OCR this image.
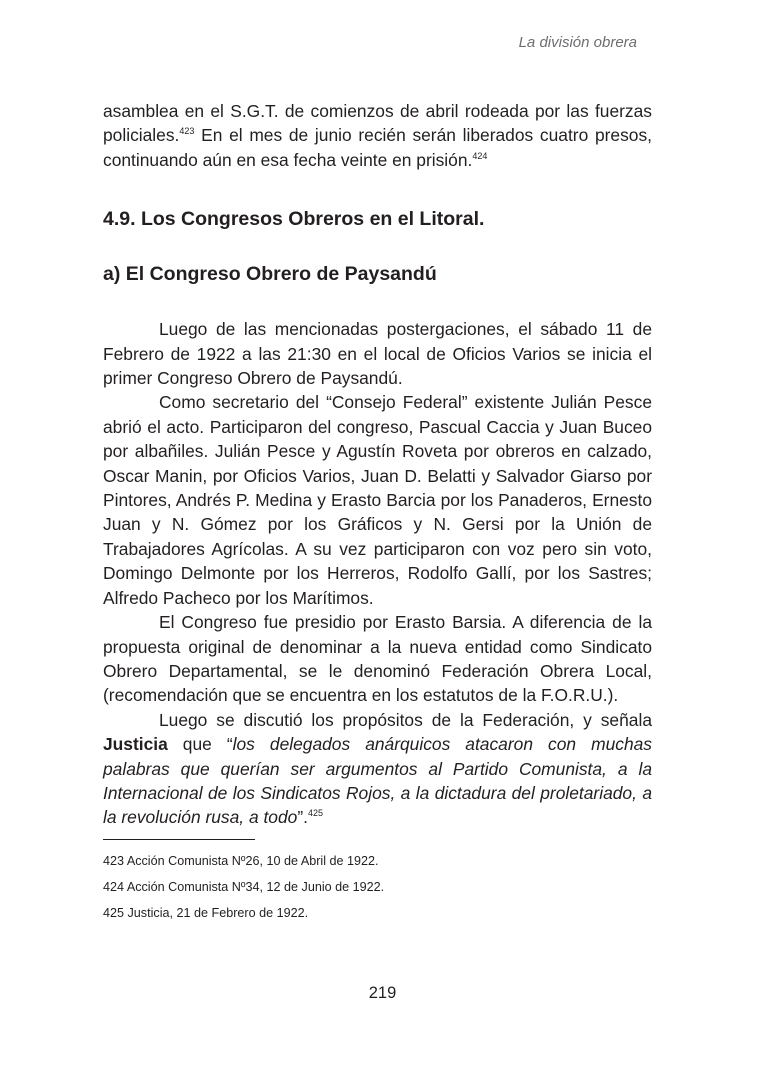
La división obrera

asamblea en el S.G.T. de comienzos de abril rodeada por las fuerzas policiales.$^{423}$ En el mes de junio recién serán liberados cuatro presos, continuando aún en esa fecha veinte en prisión.$^{424}$

4.9. Los Congresos Obreros en el Litoral.
a) El Congreso Obrero de Paysandú

Luego de las mencionadas postergaciones, el sábado 11 de Febrero de 1922 a las 21:30 en el local de Oficios Varios se inicia el primer Congreso Obrero de Paysandú.

Como secretario del “Consejo Federal” existente Julián Pesce abrió el acto. Participaron del congreso, Pascual Caccia y Juan Buceo por albañiles. Julián Pesce y Agustín Roveta por obreros en calzado, Oscar Manin, por Oficios Varios, Juan D. Belatti y Salvador Giarso por Pintores, Andrés P. Medina y Erasto Barcia por los Panaderos, Ernesto Juan y N. Gómez por los Gráficos y N. Gersi por la Unión de Trabajadores Agrícolas. A su vez participaron con voz pero sin voto, Domingo Delmonte por los Herreros, Rodolfo Gallí, por los Sastres; Alfredo Pacheco por los Marítimos.

El Congreso fue presidio por Erasto Barsia. A diferencia de la propuesta original de denominar a la nueva entidad como Sindicato Obrero Departamental, se le denominó Federación Obrera Local, (recomendación que se encuentra en los estatutos de la F.O.R.U.).

Luego se discutió los propósitos de la Federación, y señala Justicia que “los delegados anárquicos atacaron con muchas palabras que querían ser argumentos al Partido Comunista, a la Internacional de los Sindicatos Rojos, a la dictadura del proletariado, a la revolución rusa, a todo”.$^{425}$

423 Acción Comunista Nº26, 10 de Abril de 1922.

424 Acción Comunista Nº34, 12 de Junio de 1922.

425 Justicia, 21 de Febrero de 1922.

219
